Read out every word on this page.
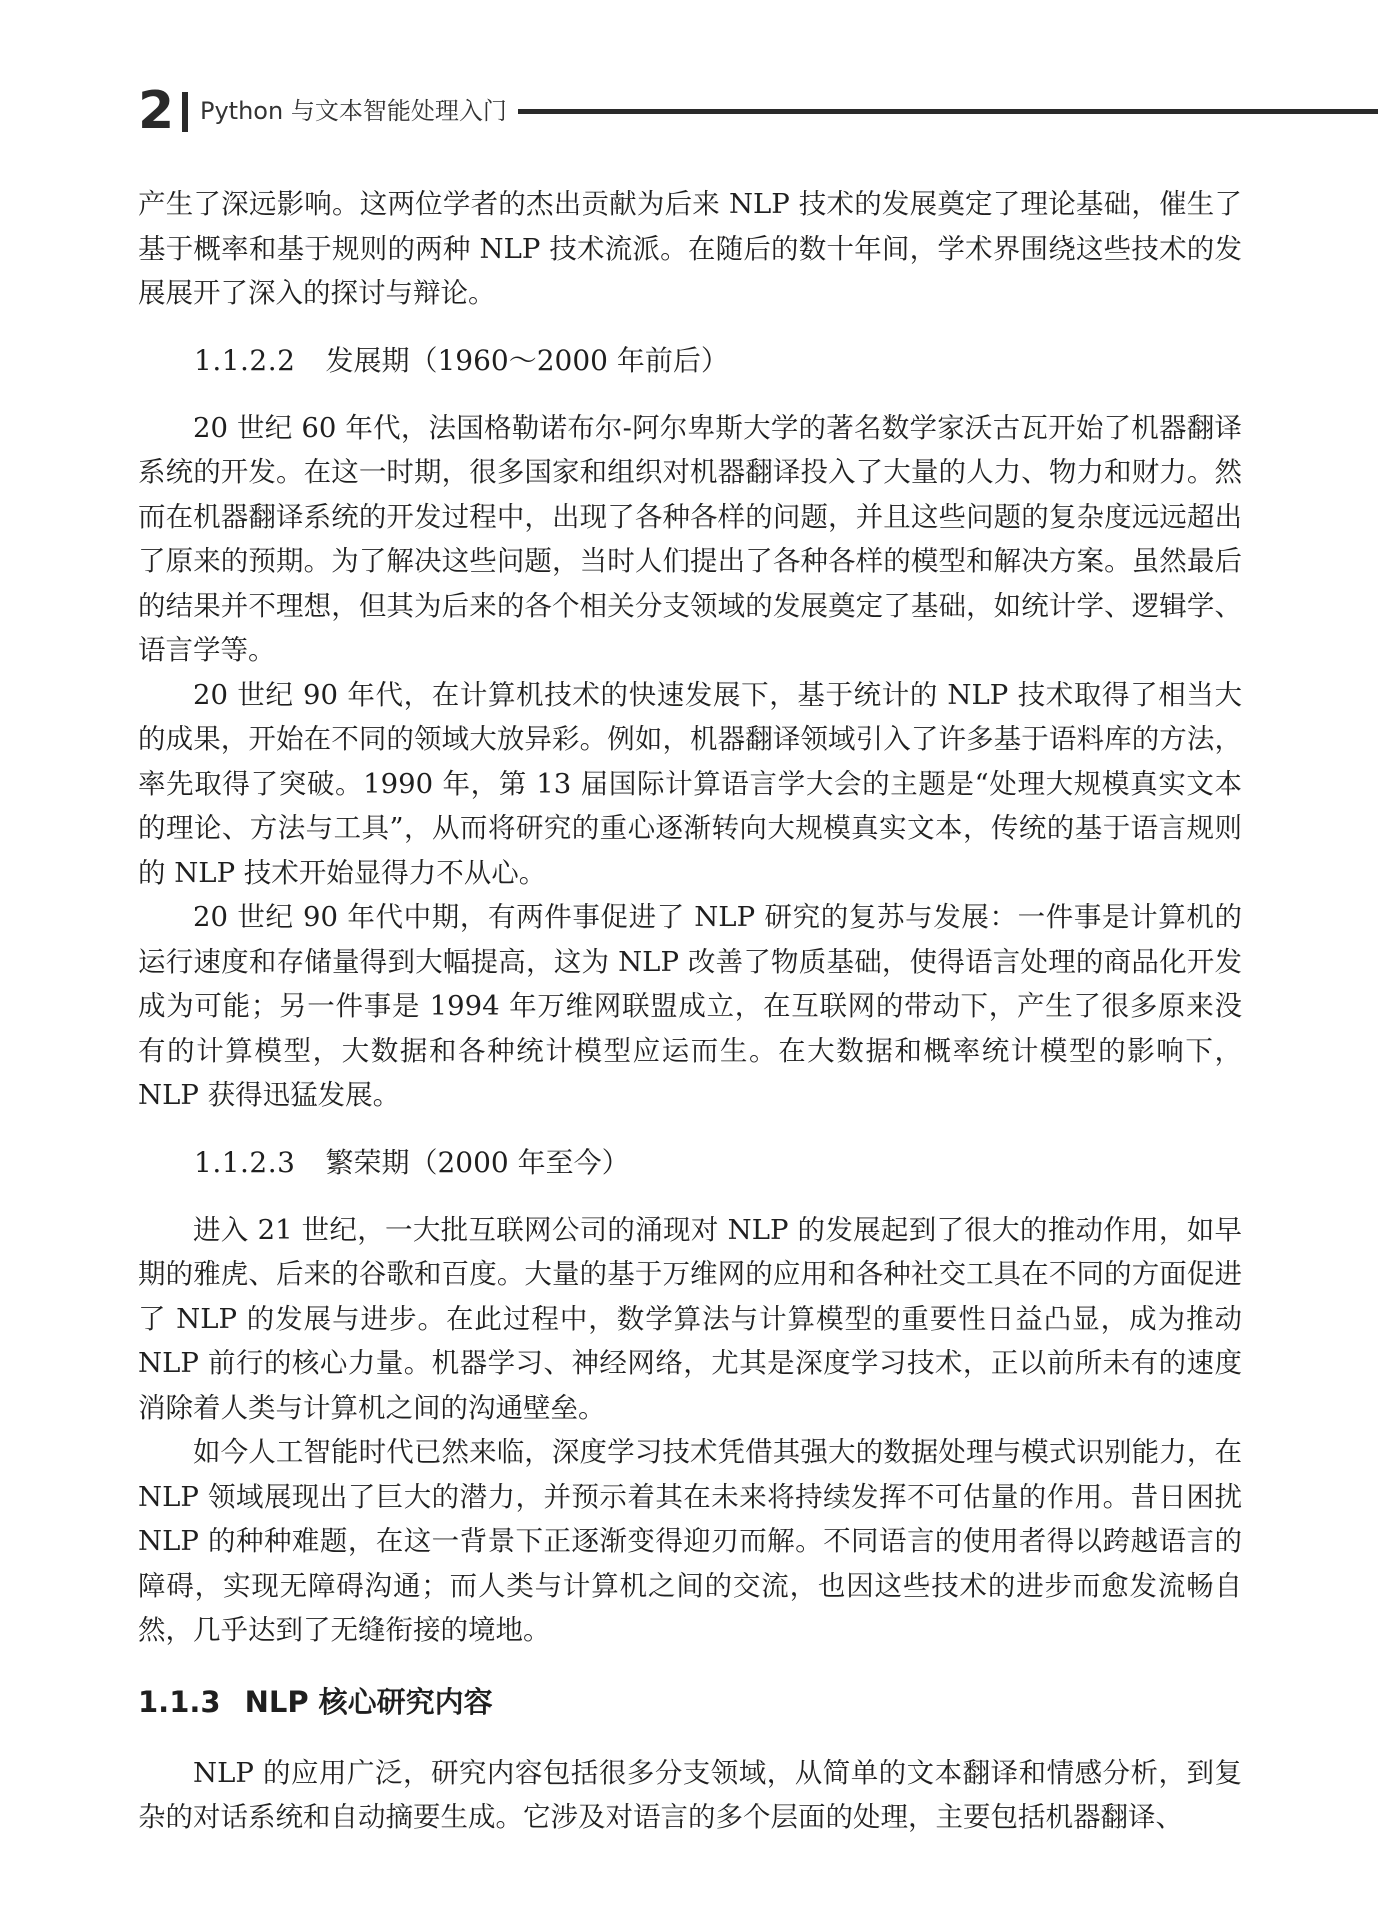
2 Python 与文本智能处理入门

产生了深远影响。这两位学者的杰出贡献为后来 NLP 技术的发展奠定了理论基础，催生了基于概率和基于规则的两种 NLP 技术流派。在随后的数十年间，学术界围绕这些技术的发展展开了深入的探讨与辩论。

1.1.2.2 发展期（1960～2000 年前后）

20 世纪 60 年代，法国格勒诺布尔-阿尔卑斯大学的著名数学家沃古瓦开始了机器翻译系统的开发。在这一时期，很多国家和组织对机器翻译投入了大量的人力、物力和财力。然而在机器翻译系统的开发过程中，出现了各种各样的问题，并且这些问题的复杂度远远超出了原来的预期。为了解决这些问题，当时人们提出了各种各样的模型和解决方案。虽然最后的结果并不理想，但其为后来的各个相关分支领域的发展奠定了基础，如统计学、逻辑学、语言学等。

20 世纪 90 年代，在计算机技术的快速发展下，基于统计的 NLP 技术取得了相当大的成果，开始在不同的领域大放异彩。例如，机器翻译领域引入了许多基于语料库的方法，率先取得了突破。1990 年，第 13 届国际计算语言学大会的主题是“处理大规模真实文本的理论、方法与工具”，从而将研究的重心逐渐转向大规模真实文本，传统的基于语言规则的 NLP 技术开始显得力不从心。

20 世纪 90 年代中期，有两件事促进了 NLP 研究的复苏与发展：一件事是计算机的运行速度和存储量得到大幅提高，这为 NLP 改善了物质基础，使得语言处理的商品化开发成为可能；另一件事是 1994 年万维网联盟成立，在互联网的带动下，产生了很多原来没有的计算模型，大数据和各种统计模型应运而生。在大数据和概率统计模型的影响下，NLP 获得迅猛发展。

1.1.2.3 繁荣期（2000 年至今）

进入 21 世纪，一大批互联网公司的涌现对 NLP 的发展起到了很大的推动作用，如早期的雅虎、后来的谷歌和百度。大量的基于万维网的应用和各种社交工具在不同的方面促进了 NLP 的发展与进步。在此过程中，数学算法与计算模型的重要性日益凸显，成为推动 NLP 前行的核心力量。机器学习、神经网络，尤其是深度学习技术，正以前所未有的速度消除着人类与计算机之间的沟通壁垒。

如今人工智能时代已然来临，深度学习技术凭借其强大的数据处理与模式识别能力，在 NLP 领域展现出了巨大的潜力，并预示着其在未来将持续发挥不可估量的作用。昔日困扰 NLP 的种种难题，在这一背景下正逐渐变得迎刃而解。不同语言的使用者得以跨越语言的障碍，实现无障碍沟通；而人类与计算机之间的交流，也因这些技术的进步而愈发流畅自然，几乎达到了无缝衔接的境地。

1.1.3 NLP 核心研究内容

NLP 的应用广泛，研究内容包括很多分支领域，从简单的文本翻译和情感分析，到复杂的对话系统和自动摘要生成。它涉及对语言的多个层面的处理，主要包括机器翻译、
